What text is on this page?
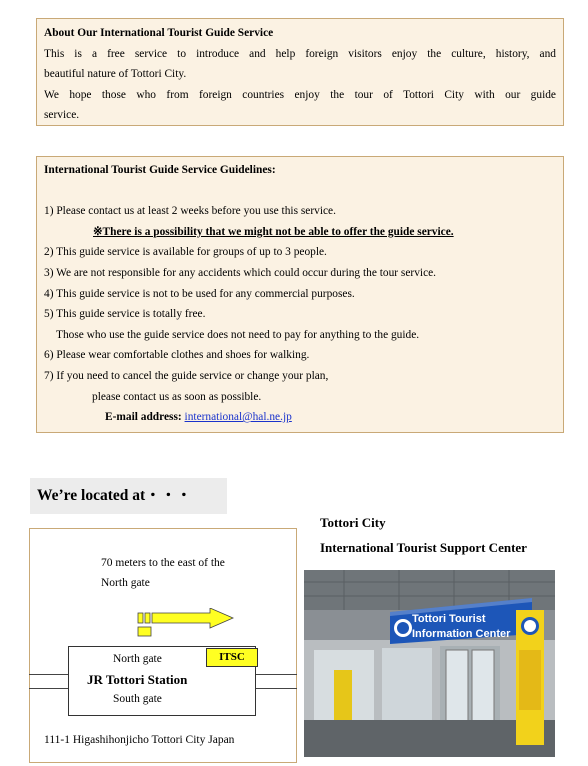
About Our International Tourist Guide Service
This is a free service to introduce and help foreign visitors enjoy the culture, history, and
beautiful nature of Tottori City.
We hope those who from foreign countries enjoy the tour of Tottori City with our guide
service.
International Tourist Guide Service Guidelines:

1) Please contact us at least 2 weeks before you use this service.
※There is a possibility that we might not be able to offer the guide service.
2) This guide service is available for groups of up to 3 people.
3) We are not responsible for any accidents which could occur during the tour service.
4) This guide service is not to be used for any commercial purposes.
5) This guide service is totally free.
Those who use the guide service does not need to pay for anything to the guide.
6) Please wear comfortable clothes and shoes for walking.
7) If you need to cancel the guide service or change your plan,
please contact us as soon as possible.
E-mail address: international@hal.ne.jp
We’re located at・・・
70 meters to the east of the
North gate
North gate
JR Tottori Station
South gate
ITSC
111-1 Higashihonjicho Tottori City Japan
Tottori City
International Tourist Support Center
Tottori Tourist
Information Center
